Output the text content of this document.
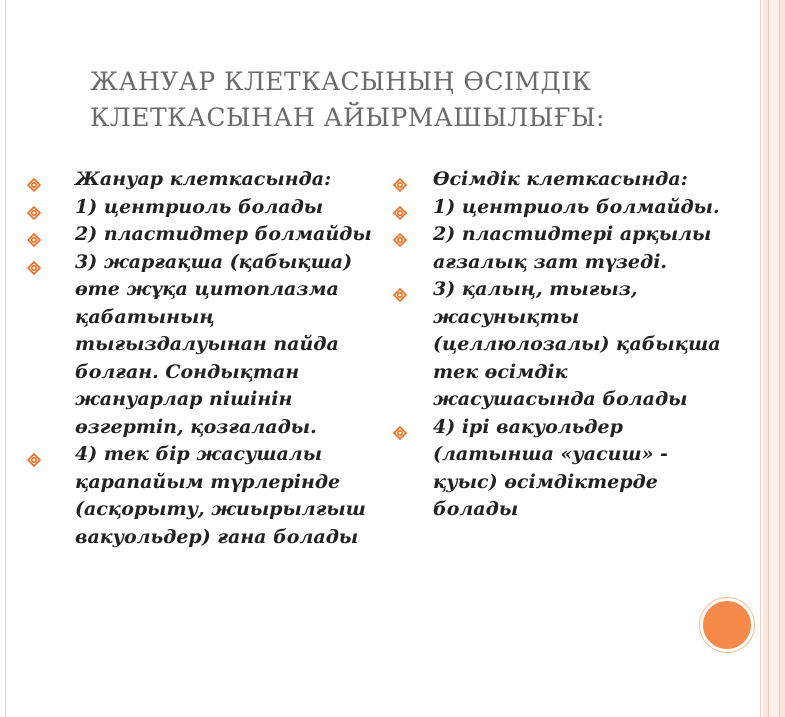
ЖАНУАР КЛЕТКАСЫНЫҢ ӨСІМДІК КЛЕТКАСЫНАН АЙЫРМАШЫЛЫҒЫ:
Жануар клеткасында:
1) центриоль болады
2) пластидтер болмайды
3) жарғақша (қабықша) өте жұқа цитоплазма қабатының тығыздалуынан пайда болған. Сондықтан жануарлар пішінін өзгертіп, қозғалады.
4) тек бір жасушалы қарапайым түрлерінде (асқорыту, жиырылғыш вакуольдер) ғана болады
Өсімдік клеткасында:
1) центриоль болмайды.
2) пластидтері арқылы ағзалық зат түзеді.
3) қалың, тығыз, жасунықты (целлюлозалы) қабықша тек өсімдік жасушасында болады
4) ірі вакуольдер (латынша «уасиш» - қуыс) өсімдіктерде болады
